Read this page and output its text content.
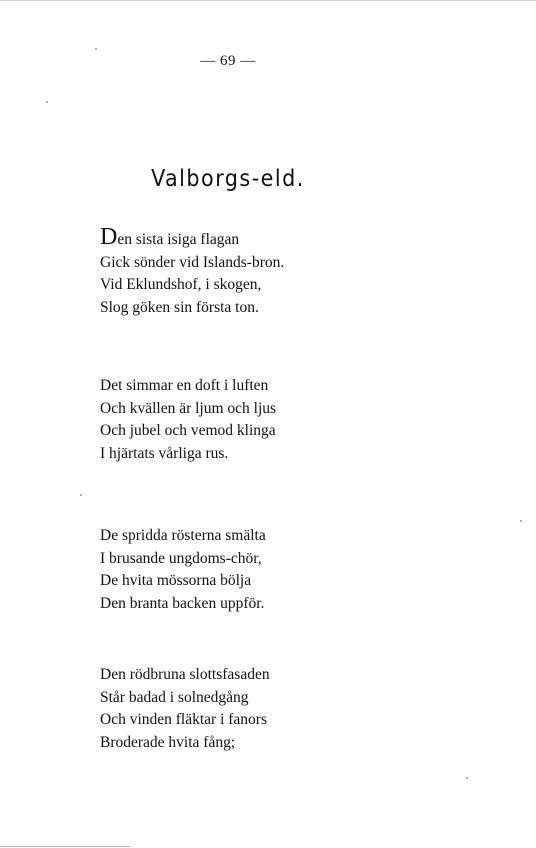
— 69 —
Valborgs-eld.
Den sista isiga flagan
Gick sönder vid Islands-bron.
Vid Eklundshof, i skogen,
Slog göken sin första ton.
Det simmar en doft i luften
Och kvällen är ljum och ljus
Och jubel och vemod klinga
I hjärtats vårliga rus.
De spridda rösterna smälta
I brusande ungdoms-chör,
De hvita mössorna bölja
Den branta backen uppför.
Den rödbruna slottsfasaden
Står badad i solnedgång
Och vinden fläktar i fanors
Broderade hvita fång;
